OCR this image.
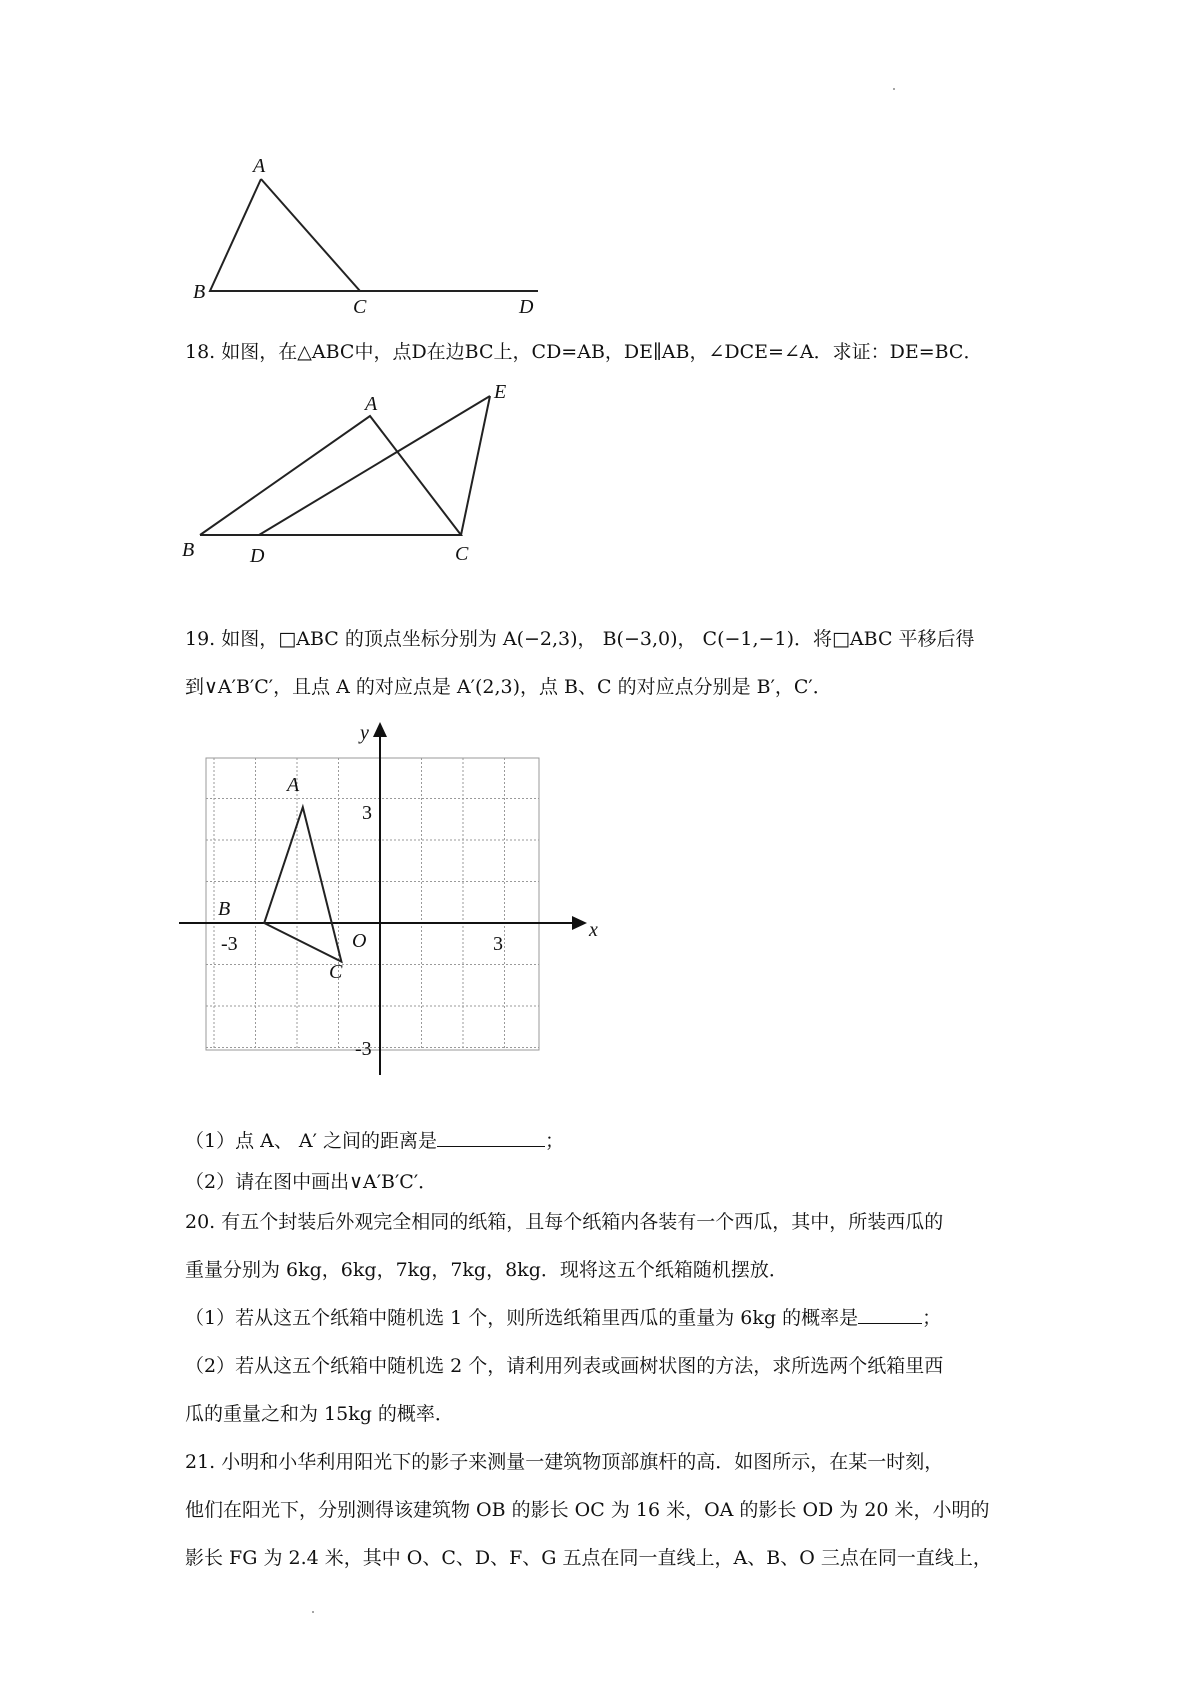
A
B
C	D
18. 如图，在△ABC中，点D在边BC上，CD=AB，DE∥AB，∠DCE=∠A．求证：DE=BC．
A
E
B	D	C
19. 如图，□ABC 的顶点坐标分别为 A(−2,3)， B(−3,0)， C(−1,−1)．将□ABC 平移后得
到∨A′B′C′，且点 A 的对应点是 A′(2,3)，点 B、C 的对应点分别是 B′，C′．
x
y
O
-3	3
3
-3
A
B
C
（1）点 A、 A′ 之间的距离是	；
（2）请在图中画出∨A′B′C′．
20. 有五个封装后外观完全相同的纸箱，且每个纸箱内各装有一个西瓜，其中，所装西瓜的
重量分别为 6kg，6kg，7kg，7kg，8kg．现将这五个纸箱随机摆放．
（1）若从这五个纸箱中随机选 1 个，则所选纸箱里西瓜的重量为 6kg 的概率是	；
（2）若从这五个纸箱中随机选 2 个，请利用列表或画树状图的方法，求所选两个纸箱里西
瓜的重量之和为 15kg 的概率．
21. 小明和小华利用阳光下的影子来测量一建筑物顶部旗杆的高．如图所示，在某一时刻，
他们在阳光下，分别测得该建筑物 OB 的影长 OC 为 16 米，OA 的影长 OD 为 20 米，小明的
影长 FG 为 2.4 米，其中 O、C、D、F、G 五点在同一直线上，A、B、O 三点在同一直线上，
